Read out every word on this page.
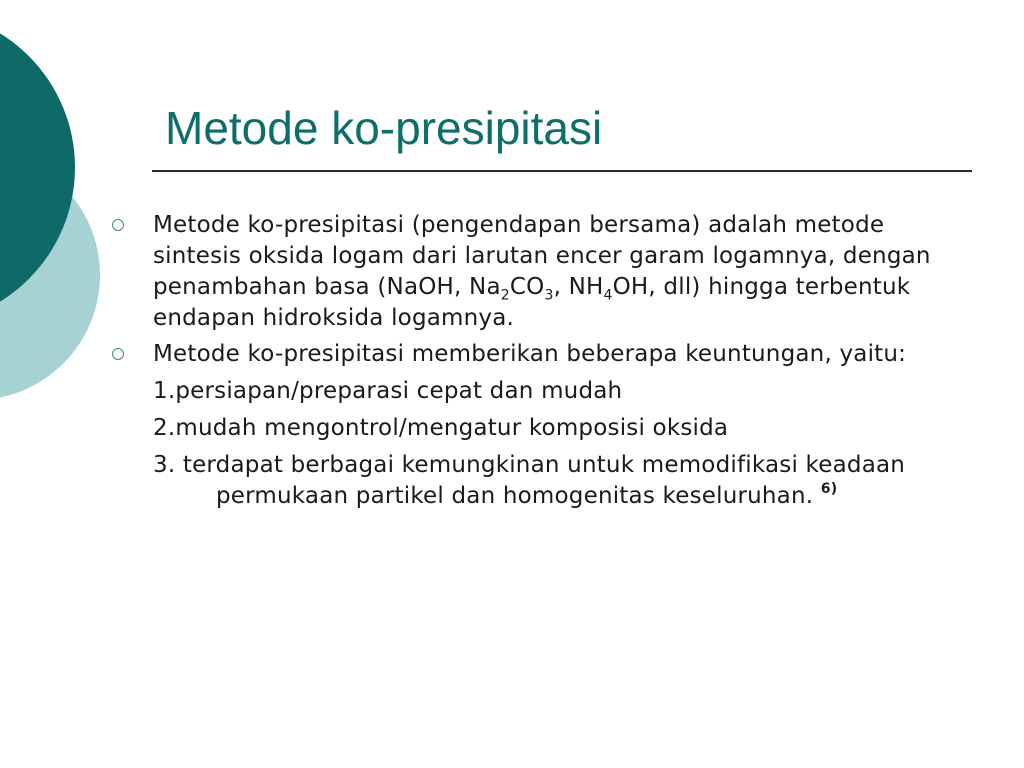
Metode ko-presipitasi
Metode ko-presipitasi (pengendapan bersama) adalah metode sintesis oksida logam dari larutan encer garam logamnya, dengan penambahan basa (NaOH, $Na_2CO_3$, $NH_4OH$, dll) hingga terbentuk endapan hidroksida logamnya.
Metode ko-presipitasi memberikan beberapa keuntungan, yaitu:
1.persiapan/preparasi cepat dan mudah
2.mudah mengontrol/mengatur komposisi oksida
3. terdapat berbagai kemungkinan untuk memodifikasi keadaan permukaan partikel dan homogenitas keseluruhan. $^{6)}$
